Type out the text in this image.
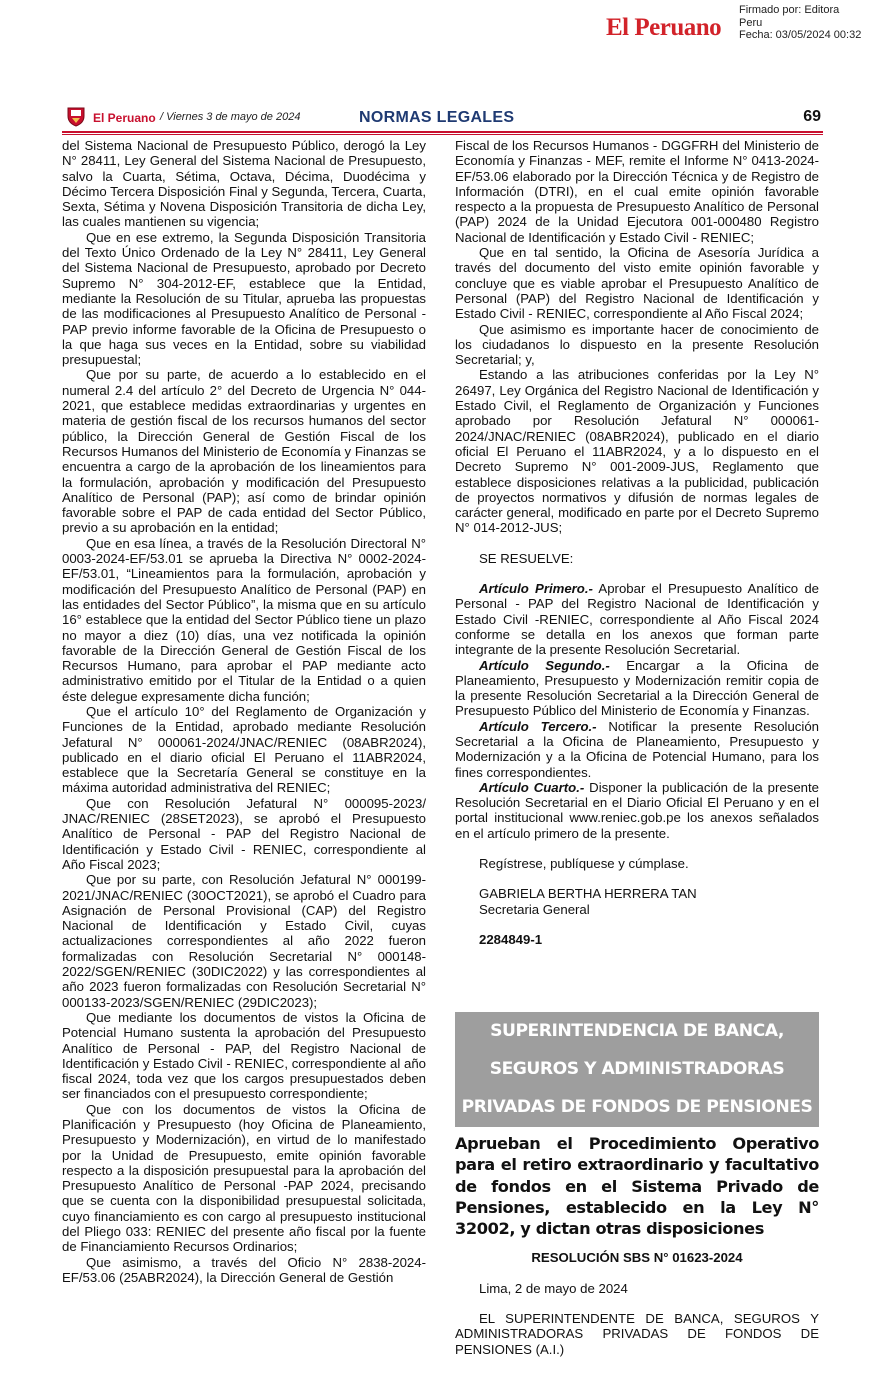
El Peruano
Firmado por: Editora
Peru
Fecha: 03/05/2024 00:32
El Peruano / Viernes 3 de mayo de 2024	NORMAS LEGALES	69

del Sistema Nacional de Presupuesto Público, derogó la Ley N° 28411, Ley General del Sistema Nacional de Presupuesto, salvo la Cuarta, Sétima, Octava, Décima, Duodécima y Décimo Tercera Disposición Final y Segunda, Tercera, Cuarta, Sexta, Sétima y Novena Disposición Transitoria de dicha Ley, las cuales mantienen su vigencia;

Que en ese extremo, la Segunda Disposición Transitoria del Texto Único Ordenado de la Ley N° 28411, Ley General del Sistema Nacional de Presupuesto, aprobado por Decreto Supremo N° 304-2012-EF, establece que la Entidad, mediante la Resolución de su Titular, aprueba las propuestas de las modificaciones al Presupuesto Analítico de Personal - PAP previo informe favorable de la Oficina de Presupuesto o la que haga sus veces en la Entidad, sobre su viabilidad presupuestal;

Que por su parte, de acuerdo a lo establecido en el numeral 2.4 del artículo 2° del Decreto de Urgencia N° 044-2021, que establece medidas extraordinarias y urgentes en materia de gestión fiscal de los recursos humanos del sector público, la Dirección General de Gestión Fiscal de los Recursos Humanos del Ministerio de Economía y Finanzas se encuentra a cargo de la aprobación de los lineamientos para la formulación, aprobación y modificación del Presupuesto Analítico de Personal (PAP); así como de brindar opinión favorable sobre el PAP de cada entidad del Sector Público, previo a su aprobación en la entidad;

Que en esa línea, a través de la Resolución Directoral N° 0003-2024-EF/53.01 se aprueba la Directiva N° 0002-2024-EF/53.01, “Lineamientos para la formulación, aprobación y modificación del Presupuesto Analítico de Personal (PAP) en las entidades del Sector Público”, la misma que en su artículo 16° establece que la entidad del Sector Público tiene un plazo no mayor a diez (10) días, una vez notificada la opinión favorable de la Dirección General de Gestión Fiscal de los Recursos Humano, para aprobar el PAP mediante acto administrativo emitido por el Titular de la Entidad o a quien éste delegue expresamente dicha función;

Que el artículo 10° del Reglamento de Organización y Funciones de la Entidad, aprobado mediante Resolución Jefatural N° 000061-2024/JNAC/RENIEC (08ABR2024), publicado en el diario oficial El Peruano el 11ABR2024, establece que la Secretaría General se constituye en la máxima autoridad administrativa del RENIEC;

Que con Resolución Jefatural N° 000095-2023/ JNAC/RENIEC (28SET2023), se aprobó el Presupuesto Analítico de Personal - PAP del Registro Nacional de Identificación y Estado Civil - RENIEC, correspondiente al Año Fiscal 2023;

Que por su parte, con Resolución Jefatural N° 000199-2021/JNAC/RENIEC (30OCT2021), se aprobó el Cuadro para Asignación de Personal Provisional (CAP) del Registro Nacional de Identificación y Estado Civil, cuyas actualizaciones correspondientes al año 2022 fueron formalizadas con Resolución Secretarial N° 000148-2022/SGEN/RENIEC (30DIC2022) y las correspondientes al año 2023 fueron formalizadas con Resolución Secretarial N° 000133-2023/SGEN/RENIEC (29DIC2023);

Que mediante los documentos de vistos la Oficina de Potencial Humano sustenta la aprobación del Presupuesto Analítico de Personal - PAP, del Registro Nacional de Identificación y Estado Civil - RENIEC, correspondiente al año fiscal 2024, toda vez que los cargos presupuestados deben ser financiados con el presupuesto correspondiente;

Que con los documentos de vistos la Oficina de Planificación y Presupuesto (hoy Oficina de Planeamiento, Presupuesto y Modernización), en virtud de lo manifestado por la Unidad de Presupuesto, emite opinión favorable respecto a la disposición presupuestal para la aprobación del Presupuesto Analítico de Personal -PAP 2024, precisando que se cuenta con la disponibilidad presupuestal solicitada, cuyo financiamiento es con cargo al presupuesto institucional del Pliego 033: RENIEC del presente año fiscal por la fuente de Financiamiento Recursos Ordinarios;

Que asimismo, a través del Oficio N° 2838-2024-EF/53.06 (25ABR2024), la Dirección General de Gestión

Fiscal de los Recursos Humanos - DGGFRH del Ministerio de Economía y Finanzas - MEF, remite el Informe N° 0413-2024-EF/53.06 elaborado por la Dirección Técnica y de Registro de Información (DTRI), en el cual emite opinión favorable respecto a la propuesta de Presupuesto Analítico de Personal (PAP) 2024 de la Unidad Ejecutora 001-000480 Registro Nacional de Identificación y Estado Civil - RENIEC;

Que en tal sentido, la Oficina de Asesoría Jurídica a través del documento del visto emite opinión favorable y concluye que es viable aprobar el Presupuesto Analítico de Personal (PAP) del Registro Nacional de Identificación y Estado Civil - RENIEC, correspondiente al Año Fiscal 2024;

Que asimismo es importante hacer de conocimiento de los ciudadanos lo dispuesto en la presente Resolución Secretarial; y,

Estando a las atribuciones conferidas por la Ley N° 26497, Ley Orgánica del Registro Nacional de Identificación y Estado Civil, el Reglamento de Organización y Funciones aprobado por Resolución Jefatural N° 000061-2024/JNAC/RENIEC (08ABR2024), publicado en el diario oficial El Peruano el 11ABR2024, y a lo dispuesto en el Decreto Supremo N° 001-2009-JUS, Reglamento que establece disposiciones relativas a la publicidad, publicación de proyectos normativos y difusión de normas legales de carácter general, modificado en parte por el Decreto Supremo N° 014-2012-JUS;

SE RESUELVE:

Artículo Primero.- Aprobar el Presupuesto Analítico de Personal - PAP del Registro Nacional de Identificación y Estado Civil -RENIEC, correspondiente al Año Fiscal 2024 conforme se detalla en los anexos que forman parte integrante de la presente Resolución Secretarial.

Artículo Segundo.- Encargar a la Oficina de Planeamiento, Presupuesto y Modernización remitir copia de la presente Resolución Secretarial a la Dirección General de Presupuesto Público del Ministerio de Economía y Finanzas.

Artículo Tercero.- Notificar la presente Resolución Secretarial a la Oficina de Planeamiento, Presupuesto y Modernización y a la Oficina de Potencial Humano, para los fines correspondientes.

Artículo Cuarto.- Disponer la publicación de la presente Resolución Secretarial en el Diario Oficial El Peruano y en el portal institucional www.reniec.gob.pe los anexos señalados en el artículo primero de la presente.

Regístrese, publíquese y cúmplase.

GABRIELA BERTHA HERRERA TAN

Secretaria General

2284849-1

SUPERINTENDENCIA DE BANCA,
SEGUROS Y ADMINISTRADORAS
PRIVADAS DE FONDOS DE PENSIONES
Aprueban el Procedimiento Operativo para el retiro extraordinario y facultativo de fondos en el Sistema Privado de Pensiones, establecido en la Ley N° 32002, y dictan otras disposiciones
RESOLUCIÓN SBS N° 01623-2024
Lima, 2 de mayo de 2024
EL SUPERINTENDENTE DE BANCA, SEGUROS Y ADMINISTRADORAS PRIVADAS DE FONDOS DE PENSIONES (A.I.)
